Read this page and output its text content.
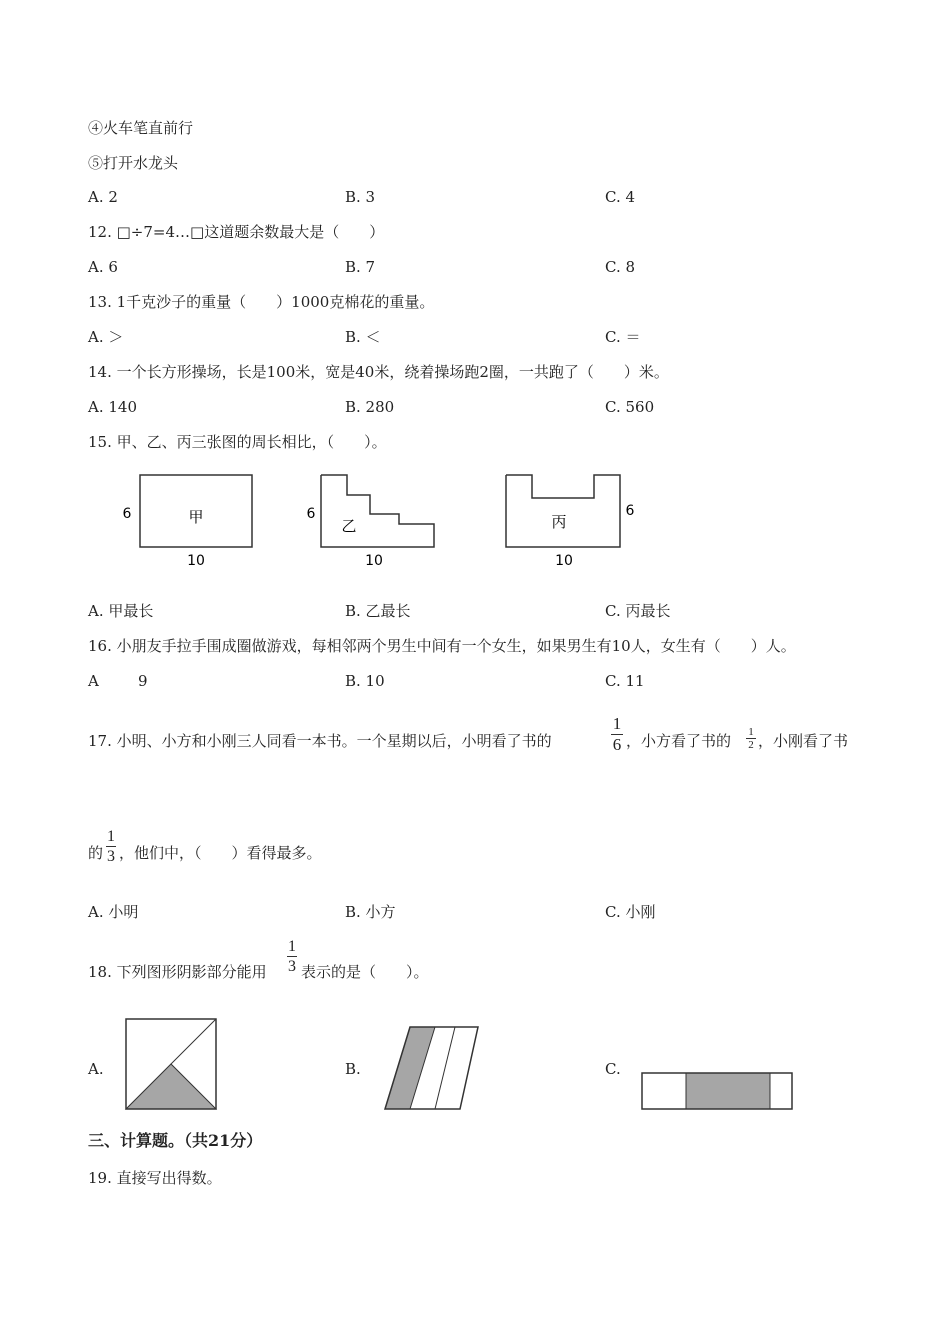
④火车笔直前行
⑤打开水龙头
A. 2	B. 3	C. 4
12. □÷7=4…□这道题余数最大是（　　）
A. 6	B. 7	C. 8
13. 1千克沙子的重量（　　）1000克棉花的重量。
A. ＞	B. ＜	C. ＝
14. 一个长方形操场，长是100米，宽是40米，绕着操场跑2圈，一共跑了（　　）米。
A. 140	B. 280	C. 560
15. 甲、乙、丙三张图的周长相比，（　　）。
甲
6
10
乙
6
10
丙
6
10
A. 甲最长	B. 乙最长	C. 丙最长
16. 小朋友手拉手围成圈做游戏，每相邻两个男生中间有一个女生，如果男生有10人，女生有（　　）人。
A	9	B. 10	C. 11
17. 小明、小方和小刚三人同看一本书。一个星期以后，小明看了书的
1
6 ，小方看了书的 1
2 ，小刚看了书
的
1
3 ，他们中，（　　）看得最多。
A. 小明	B. 小方	C. 小刚
18. 下列图形阴影部分能用
1
3 表示的是（　　）。
A.	B.	C.
三、计算题。（共21分）
19. 直接写出得数。
